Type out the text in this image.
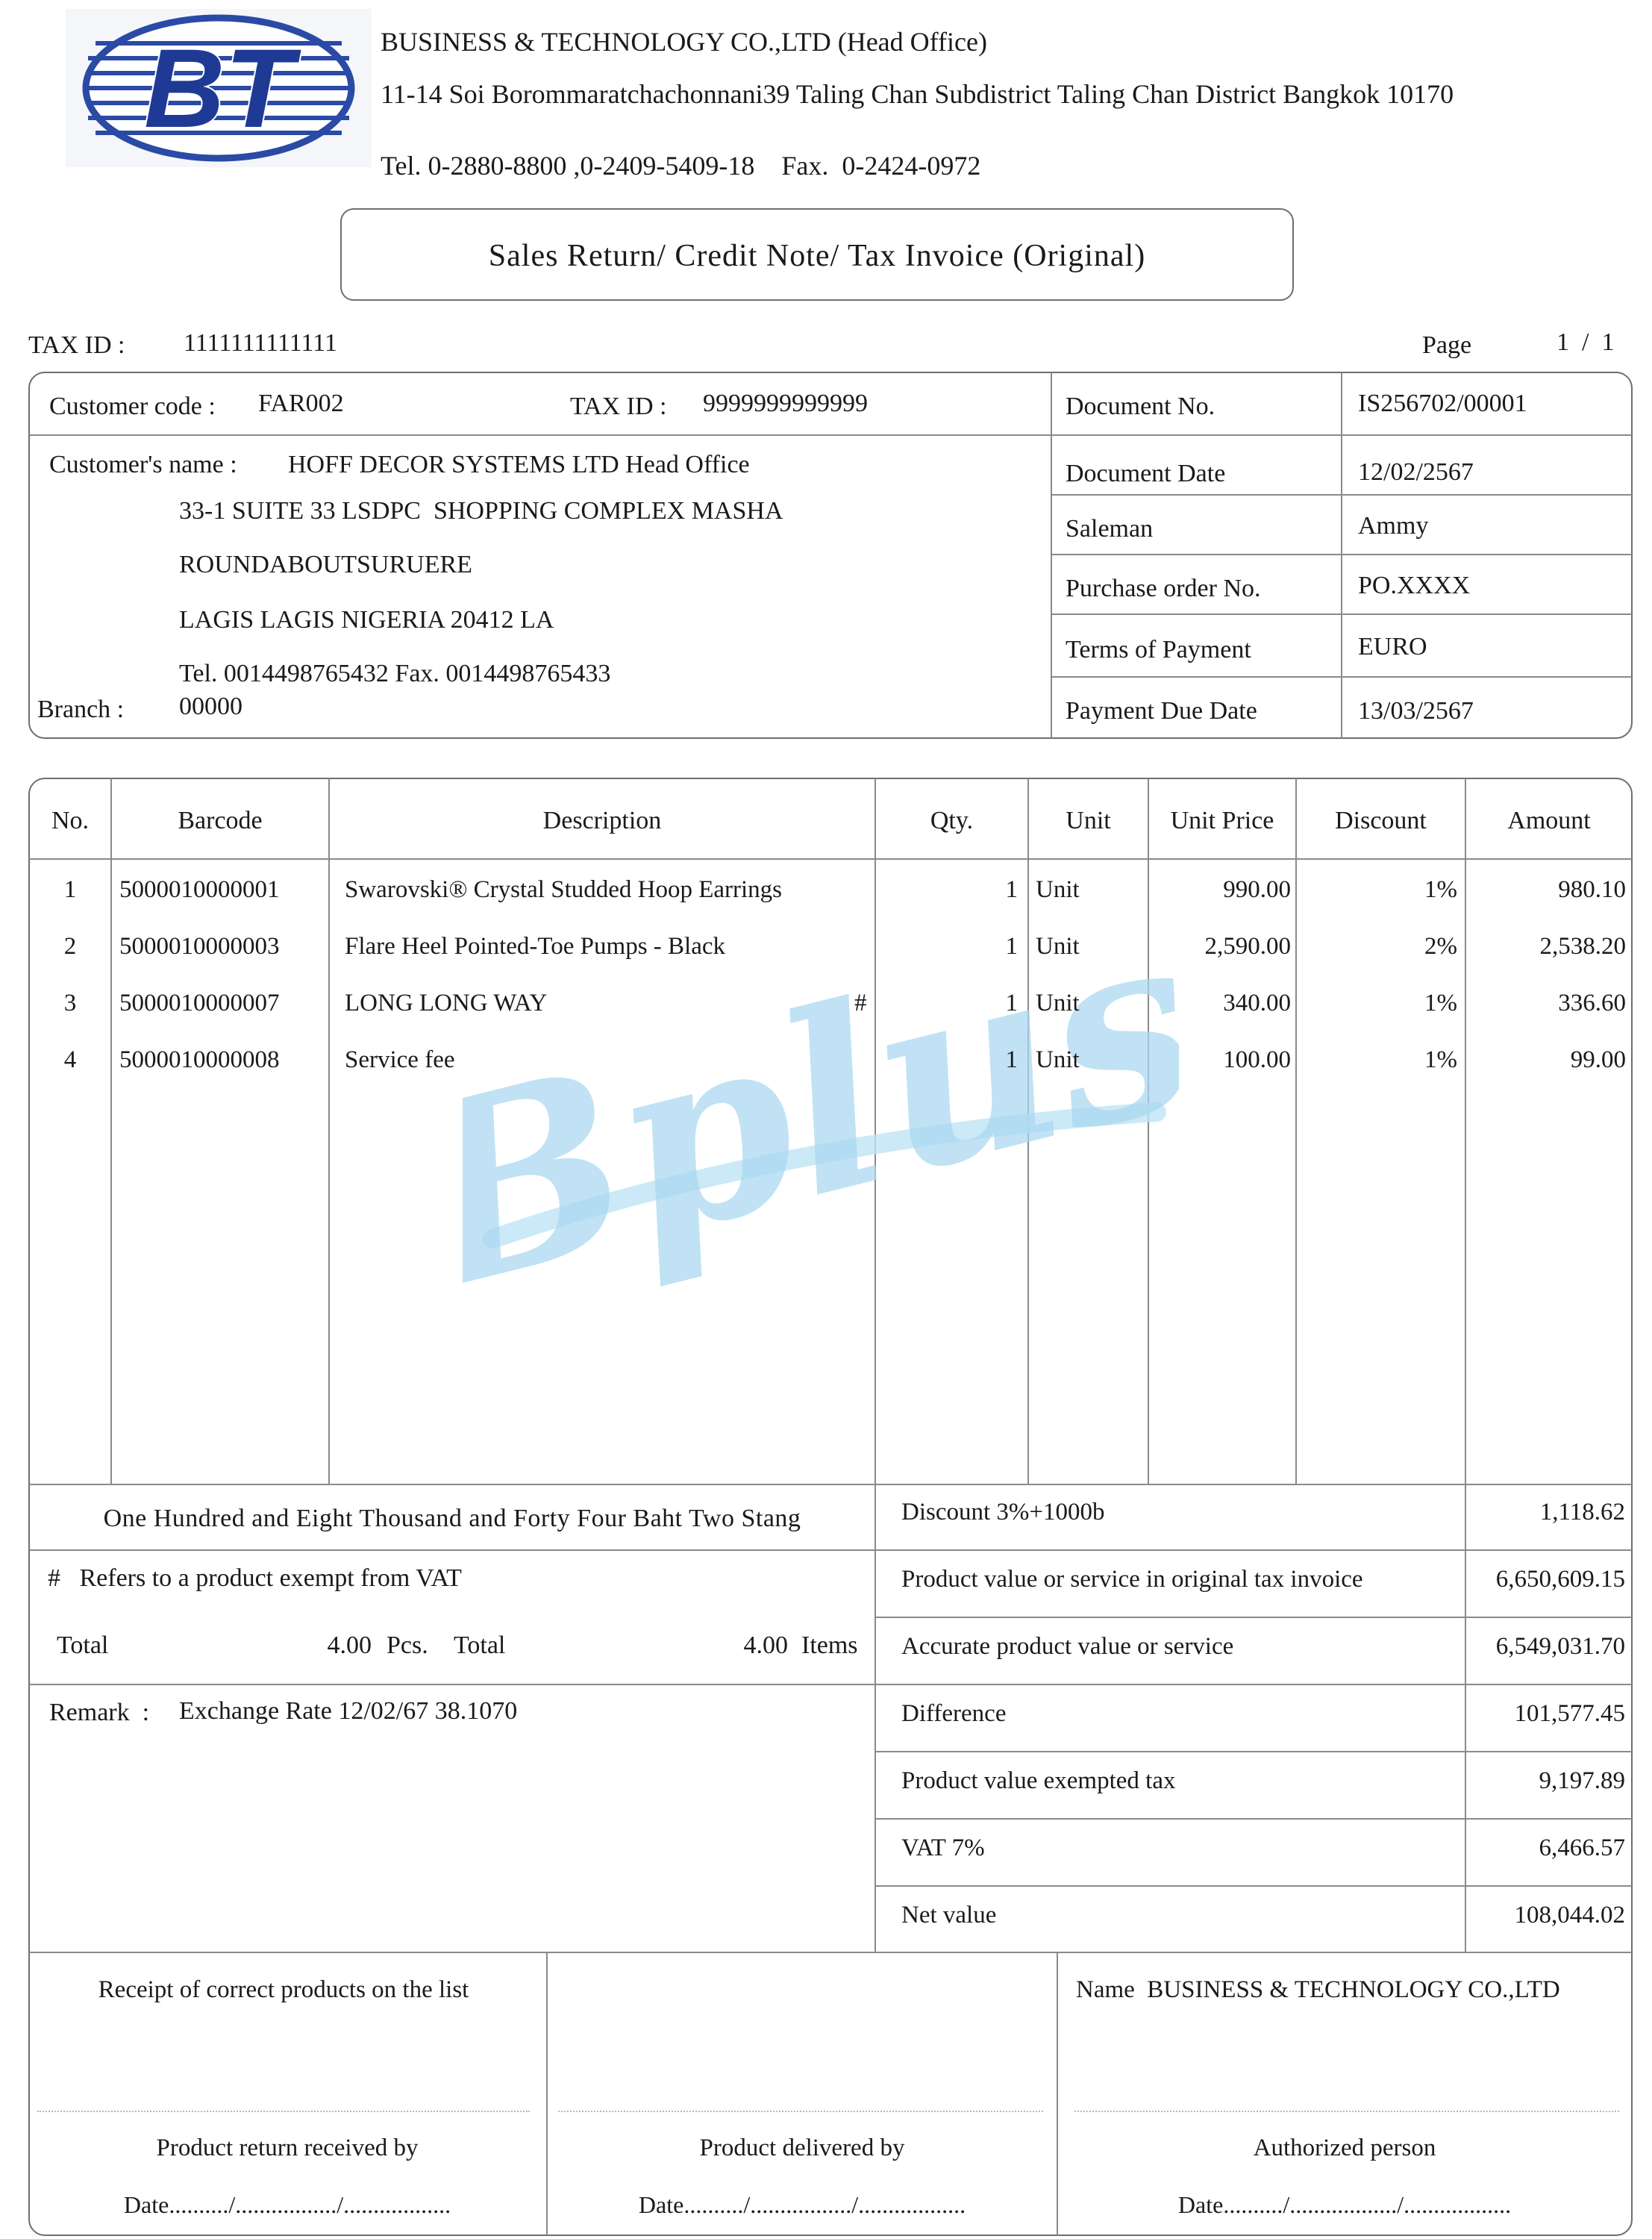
BT	BUSINESS & TECHNOLOGY CO.,LTD (Head Office)
11-14 Soi Borommaratchachonnani39 Taling Chan Subdistrict Taling Chan District Bangkok 10170
Tel. 0-2880-8800 ,0-2409-5409-18    Fax.  0-2424-0972
Sales Return/ Credit Note/ Tax Invoice (Original)
TAX ID : 1111111111111	Page	1  /  1
Customer code : FAR002	TAX ID : 9999999999999
Customer's name : HOFF DECOR SYSTEMS LTD Head Office
33-1 SUITE 33 LSDPC  SHOPPING COMPLEX MASHA
ROUNDABOUTSURUERE
LAGIS LAGIS NIGERIA 20412 LA
Tel. 0014498765432 Fax. 0014498765433
Branch : 00000
Document No.	IS256702/00001
Document Date	12/02/2567
Saleman	Ammy
Purchase order No.	PO.XXXX
Terms of Payment	EURO
Payment Due Date	13/03/2567
No.	Barcode	Description	Qty.	Unit	Unit Price	Discount	Amount
Bplus
1	5000010000001	Swarovski® Crystal Studded Hoop Earrings	1 Unit	990.00	1%	980.10
2	5000010000003	Flare Heel Pointed-Toe Pumps - Black	1 Unit	2,590.00	2%	2,538.20
3	5000010000007	LONG LONG WAY	#	1 Unit	340.00	1%	336.60
4	5000010000008	Service fee	1 Unit	100.00	1%	99.00
One Hundred and Eight Thousand and Forty Four Baht Two Stang
#   Refers to a product exempt from VAT
Total	4.00 Pcs. Total	4.00 Items
Remark  : Exchange Rate 12/02/67 38.1070
Discount 3%+1000b	1,118.62
Product value or service in original tax invoice	6,650,609.15
Accurate product value or service	6,549,031.70
Difference	101,577.45
Product value exempted tax	9,197.89
VAT 7%	6,466.57
Net value	108,044.02
Receipt of correct products on the list	Name  BUSINESS & TECHNOLOGY CO.,LTD
Product return received by	Product delivered by	Authorized person
Date........../................./..................	Date........../................./..................	Date........../................../..................
